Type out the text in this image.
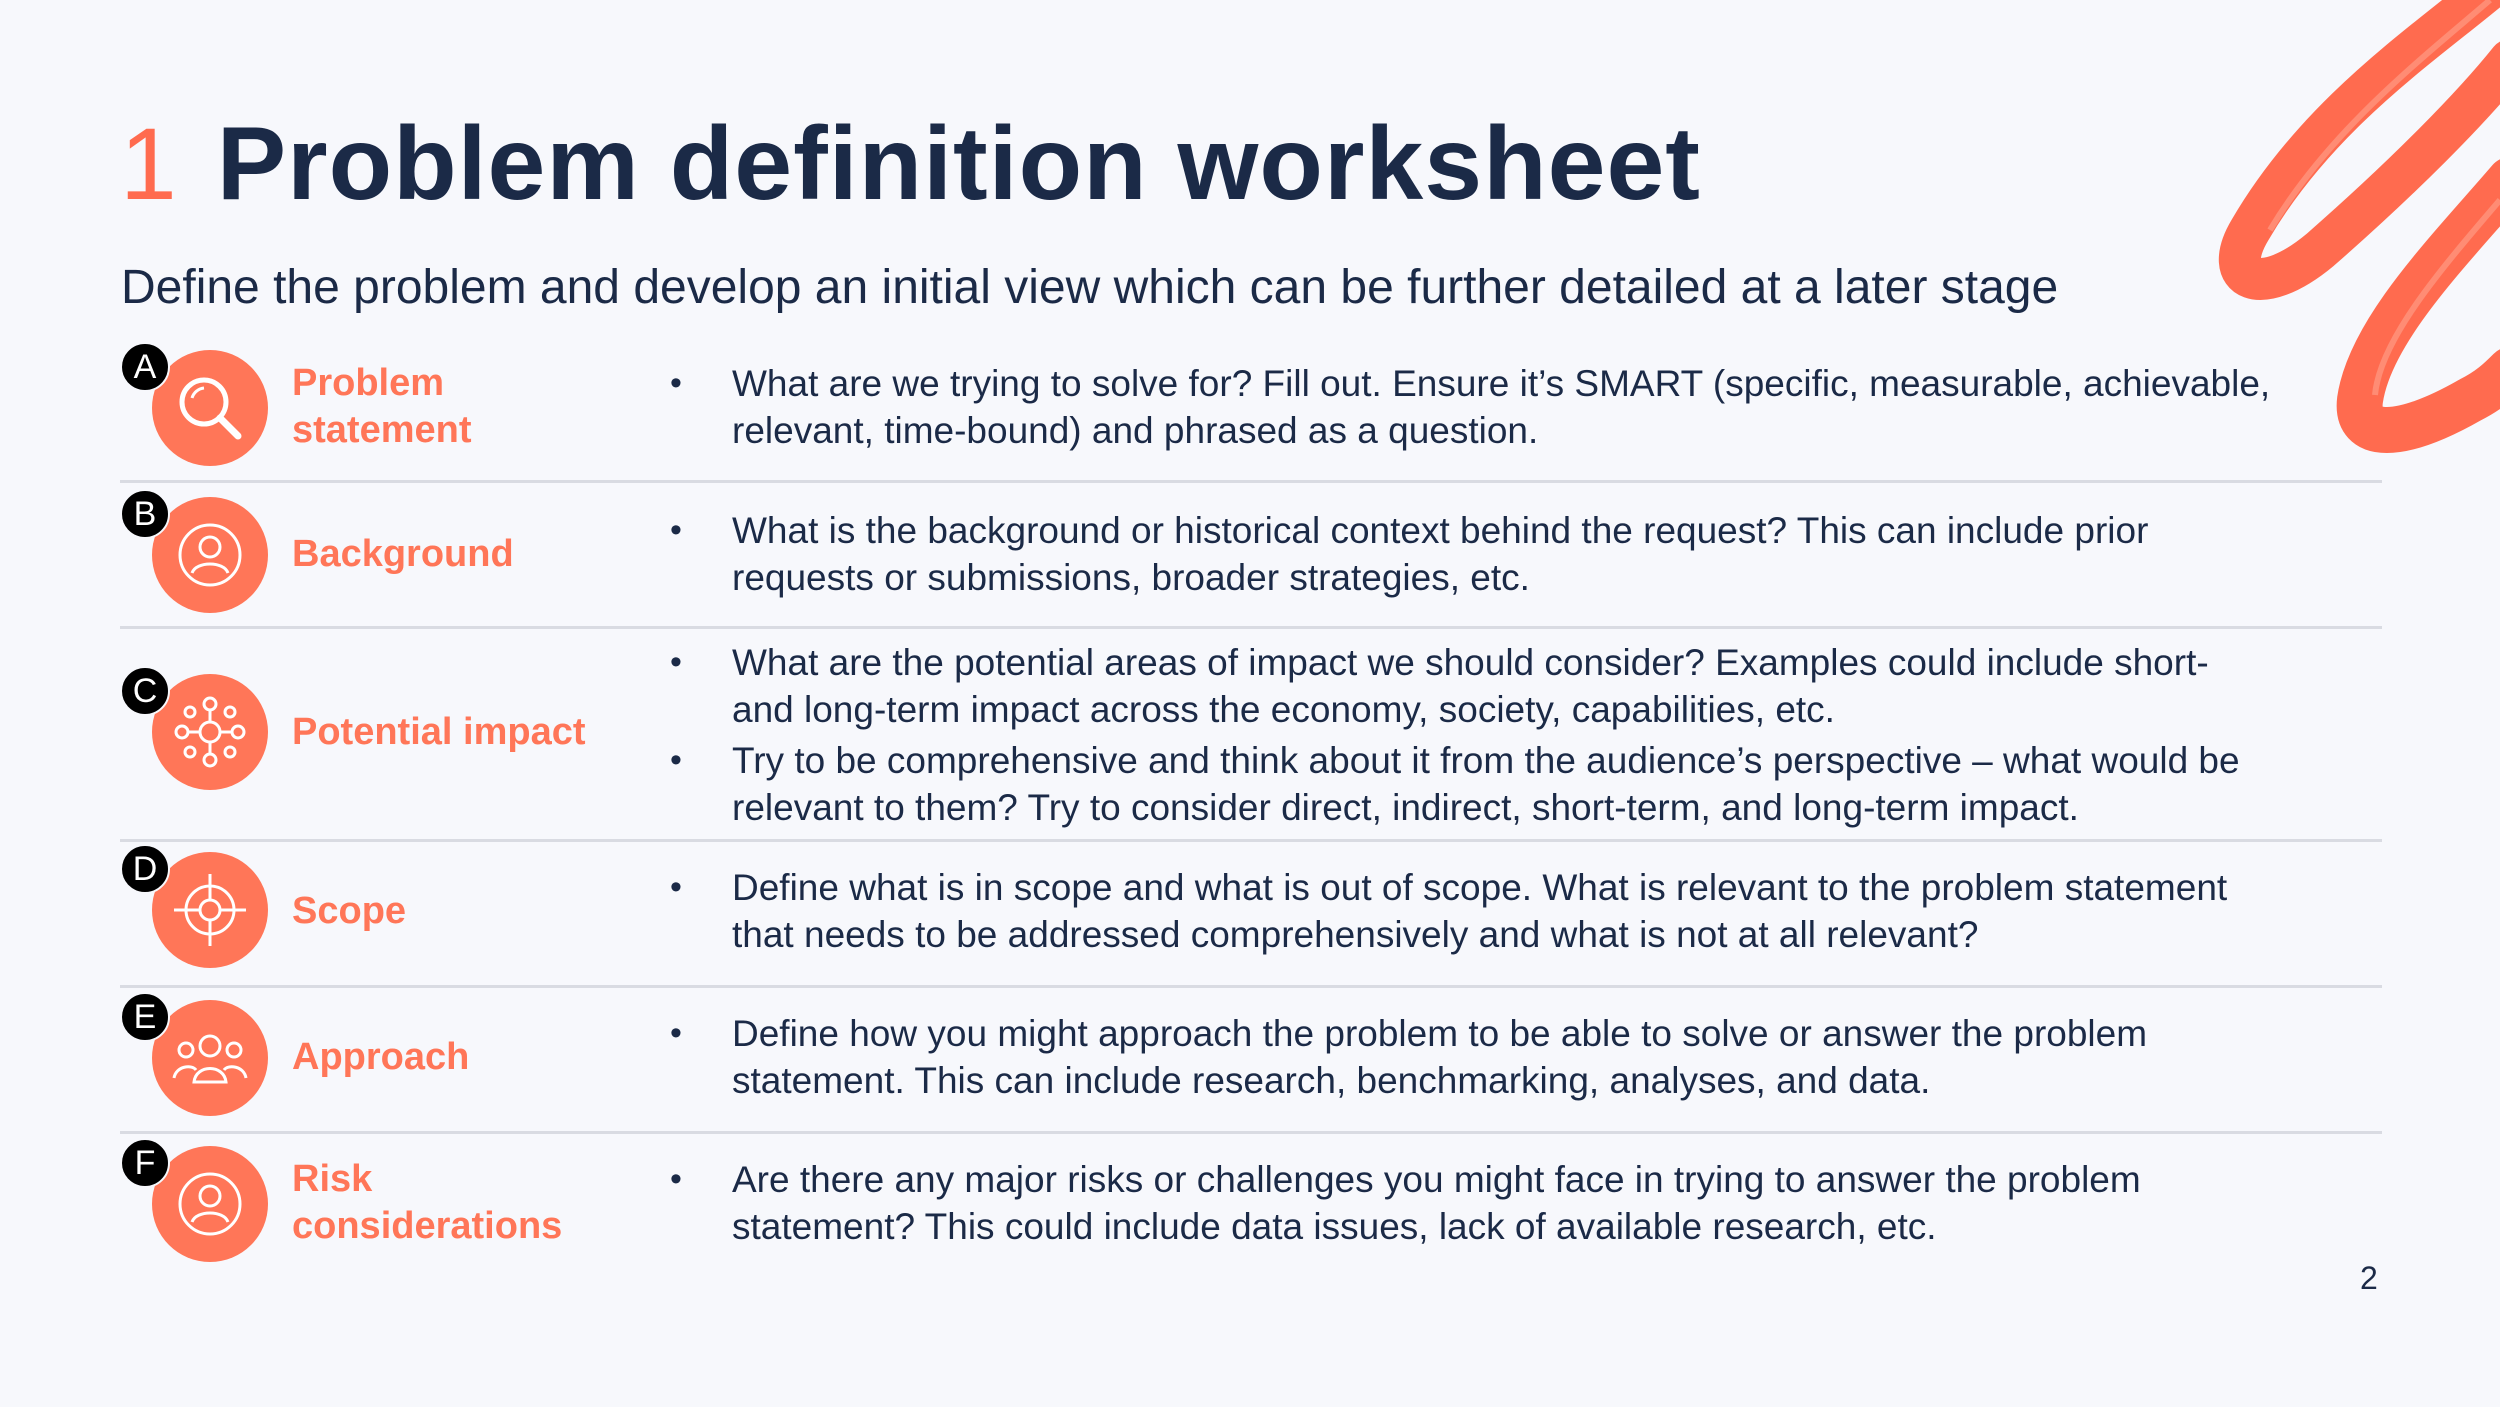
1 Problem definition worksheet
Define the problem and develop an initial view which can be further detailed at a later stage
A	Problem
statement
• What are we trying to solve for? Fill out. Ensure it’s SMART (specific, measurable, achievable,
relevant, time-bound) and phrased as a question.
B
Background
• What is the background or historical context behind the request? This can include prior
requests or submissions, broader strategies, etc.
C
Potential impact
• What are the potential areas of impact we should consider? Examples could include short-
and long-term impact across the economy, society, capabilities, etc.
• Try to be comprehensive and think about it from the audience’s perspective – what would be
relevant to them? Try to consider direct, indirect, short-term, and long-term impact.
D
Scope
• Define what is in scope and what is out of scope. What is relevant to the problem statement
that needs to be addressed comprehensively and what is not at all relevant?
E
Approach
• Define how you might approach the problem to be able to solve or answer the problem
statement. This can include research, benchmarking, analyses, and data.
F	Risk
considerations
• Are there any major risks or challenges you might face in trying to answer the problem
statement? This could include data issues, lack of available research, etc.
2
